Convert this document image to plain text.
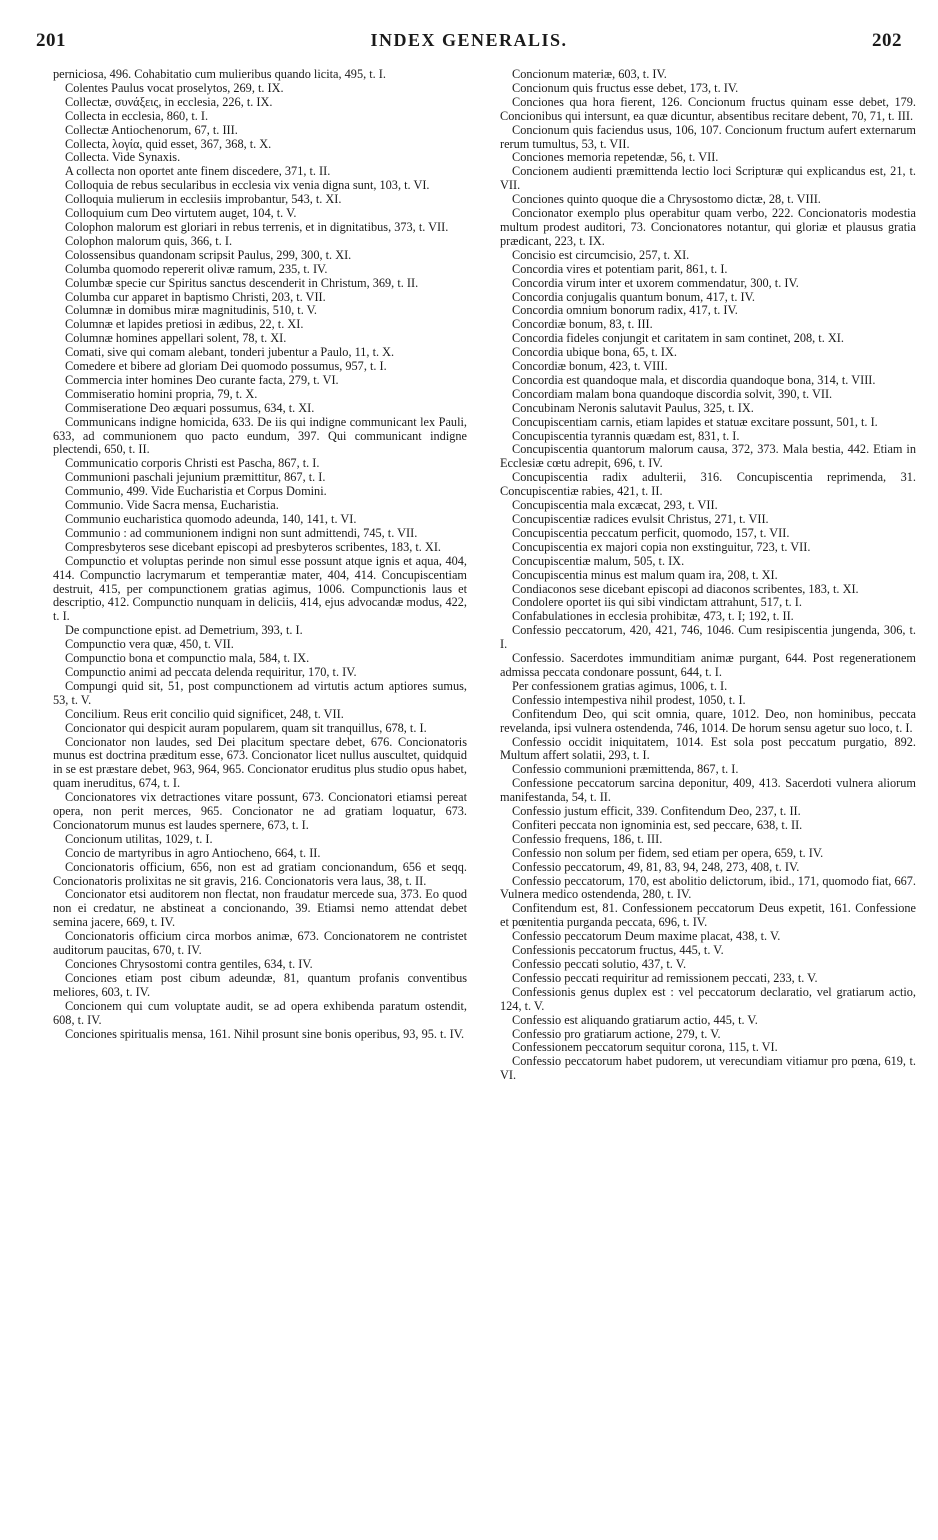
201	INDEX GENERALIS.	202

perniciosa, 496. Cohabitatio cum mulieribus quando licita, 495, t. I.

Colentes Paulus vocat proselytos, 269, t. IX.

Collectæ, συνάξεις, in ecclesia, 226, t. IX.

Collecta in ecclesia, 860, t. I.

Collectæ Antiochenorum, 67, t. III.

Collecta, λογία, quid esset, 367, 368, t. X.

Collecta. Vide Synaxis.

A collecta non oportet ante finem discedere, 371, t. II.

Colloquia de rebus secularibus in ecclesia vix venia digna sunt, 103, t. VI.

Colloquia mulierum in ecclesiis improbantur, 543, t. XI.

Colloquium cum Deo virtutem auget, 104, t. V.

Colophon malorum est gloriari in rebus terrenis, et in dignitatibus, 373, t. VII.

Colophon malorum quis, 366, t. I.

Colossensibus quandonam scripsit Paulus, 299, 300, t. XI.

Columba quomodo repererit olivæ ramum, 235, t. IV.

Columbæ specie cur Spiritus sanctus descenderit in Christum, 369, t. II.

Columba cur apparet in baptismo Christi, 203, t. VII.

Columnæ in domibus miræ magnitudinis, 510, t. V.

Columnæ et lapides pretiosi in ædibus, 22, t. XI.

Columnæ homines appellari solent, 78, t. XI.

Comati, sive qui comam alebant, tonderi jubentur a Paulo, 11, t. X.

Comedere et bibere ad gloriam Dei quomodo possumus, 957, t. I.

Commercia inter homines Deo curante facta, 279, t. VI.

Commiseratio homini propria, 79, t. X.

Commiseratione Deo æquari possumus, 634, t. XI.

Communicans indigne homicida, 633. De iis qui indigne communicant lex Pauli, 633, ad communionem quo pacto eundum, 397. Qui communicant indigne plectendi, 650, t. II.

Communicatio corporis Christi est Pascha, 867, t. I.

Communioni paschali jejunium præmittitur, 867, t. I.

Communio, 499. Vide Eucharistia et Corpus Domini.

Communio. Vide Sacra mensa, Eucharistia.

Communio eucharistica quomodo adeunda, 140, 141, t. VI.

Communio : ad communionem indigni non sunt admittendi, 745, t. VII.

Compresbyteros sese dicebant episcopi ad presbyteros scribentes, 183, t. XI.

Compunctio et voluptas perinde non simul esse possunt atque ignis et aqua, 404, 414. Compunctio lacrymarum et temperantiæ mater, 404, 414. Concupiscentiam destruit, 415, per compunctionem gratias agimus, 1006. Compunctionis laus et descriptio, 412. Compunctio nunquam in deliciis, 414, ejus advocandæ modus, 422, t. I.

De compunctione epist. ad Demetrium, 393, t. I.

Compunctio vera quæ, 450, t. VII.

Compunctio bona et compunctio mala, 584, t. IX.

Compunctio animi ad peccata delenda requiritur, 170, t. IV.

Compungi quid sit, 51, post compunctionem ad virtutis actum aptiores sumus, 53, t. V.

Concilium. Reus erit concilio quid significet, 248, t. VII.

Concionator qui despicit auram popularem, quam sit tranquillus, 678, t. I.

Concionator non laudes, sed Dei placitum spectare debet, 676. Concionatoris munus est doctrina præditum esse, 673. Concionator licet nullus auscultet, quidquid in se est præstare debet, 963, 964, 965. Concionator eruditus plus studio opus habet, quam ineruditus, 674, t. I.

Concionatores vix detractiones vitare possunt, 673. Concionatori etiamsi pereat opera, non perit merces, 965. Concionator ne ad gratiam loquatur, 673. Concionatorum munus est laudes spernere, 673, t. I.

Concionum utilitas, 1029, t. I.

Concio de martyribus in agro Antiocheno, 664, t. II.

Concionatoris officium, 656, non est ad gratiam concionandum, 656 et seqq. Concionatoris prolixitas ne sit gravis, 216. Concionatoris vera laus, 38, t. II.

Concionator etsi auditorem non flectat, non fraudatur mercede sua, 373. Eo quod non ei credatur, ne abstineat a concionando, 39. Etiamsi nemo attendat debet semina jacere, 669, t. IV.

Concionatoris officium circa morbos animæ, 673. Concionatorem ne contristet auditorum paucitas, 670, t. IV.

Conciones Chrysostomi contra gentiles, 634, t. IV.

Conciones etiam post cibum adeundæ, 81, quantum profanis conventibus meliores, 603, t. IV.

Concionem qui cum voluptate audit, se ad opera exhibenda paratum ostendit, 608, t. IV.

Conciones spiritualis mensa, 161. Nihil prosunt sine bonis operibus, 93, 95. t. IV.

Concionum materiæ, 603, t. IV.

Concionum quis fructus esse debet, 173, t. IV.

Conciones qua hora fierent, 126. Concionum fructus quinam esse debet, 179. Concionibus qui intersunt, ea quæ dicuntur, absentibus recitare debent, 70, 71, t. III.

Concionum quis faciendus usus, 106, 107. Concionum fructum aufert externarum rerum tumultus, 53, t. VII.

Conciones memoria repetendæ, 56, t. VII.

Concionem audienti præmittenda lectio loci Scripturæ qui explicandus est, 21, t. VII.

Conciones quinto quoque die a Chrysostomo dictæ, 28, t. VIII.

Concionator exemplo plus operabitur quam verbo, 222. Concionatoris modestia multum prodest auditori, 73. Concionatores notantur, qui gloriæ et plausus gratia prædicant, 223, t. IX.

Concisio est circumcisio, 257, t. XI.

Concordia vires et potentiam parit, 861, t. I.

Concordia virum inter et uxorem commendatur, 300, t. IV.

Concordia conjugalis quantum bonum, 417, t. IV.

Concordia omnium bonorum radix, 417, t. IV.

Concordiæ bonum, 83, t. III.

Concordia fideles conjungit et caritatem in sam continet, 208, t. XI.

Concordia ubique bona, 65, t. IX.

Concordiæ bonum, 423, t. VIII.

Concordia est quandoque mala, et discordia quandoque bona, 314, t. VIII.

Concordiam malam bona quandoque discordia solvit, 390, t. VII.

Concubinam Neronis salutavit Paulus, 325, t. IX.

Concupiscentiam carnis, etiam lapides et statuæ excitare possunt, 501, t. I.

Concupiscentia tyrannis quædam est, 831, t. I.

Concupiscentia quantorum malorum causa, 372, 373. Mala bestia, 442. Etiam in Ecclesiæ cœtu adrepit, 696, t. IV.

Concupiscentia radix adulterii, 316. Concupiscentia reprimenda, 31. Concupiscentiæ rabies, 421, t. II.

Concupiscentia mala excæcat, 293, t. VII.

Concupiscentiæ radices evulsit Christus, 271, t. VII.

Concupiscentia peccatum perficit, quomodo, 157, t. VII.

Concupiscentia ex majori copia non exstinguitur, 723, t. VII.

Concupiscentiæ malum, 505, t. IX.

Concupiscentia minus est malum quam ira, 208, t. XI.

Condiaconos sese dicebant episcopi ad diaconos scribentes, 183, t. XI.

Condolere oportet iis qui sibi vindictam attrahunt, 517, t. I.

Confabulationes in ecclesia prohibitæ, 473, t. I; 192, t. II.

Confessio peccatorum, 420, 421, 746, 1046. Cum resipiscentia jungenda, 306, t. I.

Confessio. Sacerdotes immunditiam animæ purgant, 644. Post regenerationem admissa peccata condonare possunt, 644, t. I.

Per confessionem gratias agimus, 1006, t. I.

Confessio intempestiva nihil prodest, 1050, t. I.

Confitendum Deo, qui scit omnia, quare, 1012. Deo, non hominibus, peccata revelanda, ipsi vulnera ostendenda, 746, 1014. De horum sensu agetur suo loco, t. I.

Confessio occidit iniquitatem, 1014. Est sola post peccatum purgatio, 892. Multum affert solatii, 293, t. I.

Confessio communioni præmittenda, 867, t. I.

Confessione peccatorum sarcina deponitur, 409, 413. Sacerdoti vulnera aliorum manifestanda, 54, t. II.

Confessio justum efficit, 339. Confitendum Deo, 237, t. II.

Confiteri peccata non ignominia est, sed peccare, 638, t. II.

Confessio frequens, 186, t. III.

Confessio non solum per fidem, sed etiam per opera, 659, t. IV.

Confessio peccatorum, 49, 81, 83, 94, 248, 273, 408, t. IV.

Confessio peccatorum, 170, est abolitio delictorum, ibid., 171, quomodo fiat, 667. Vulnera medico ostendenda, 280, t. IV.

Confitendum est, 81. Confessionem peccatorum Deus expetit, 161. Confessione et pœnitentia purganda peccata, 696, t. IV.

Confessio peccatorum Deum maxime placat, 438, t. V.

Confessionis peccatorum fructus, 445, t. V.

Confessio peccati solutio, 437, t. V.

Confessio peccati requiritur ad remissionem peccati, 233, t. V.

Confessionis genus duplex est : vel peccatorum declaratio, vel gratiarum actio, 124, t. V.

Confessio est aliquando gratiarum actio, 445, t. V.

Confessio pro gratiarum actione, 279, t. V.

Confessionem peccatorum sequitur corona, 115, t. VI.

Confessio peccatorum habet pudorem, ut verecundiam vitiamur pro pœna, 619, t. VI.
